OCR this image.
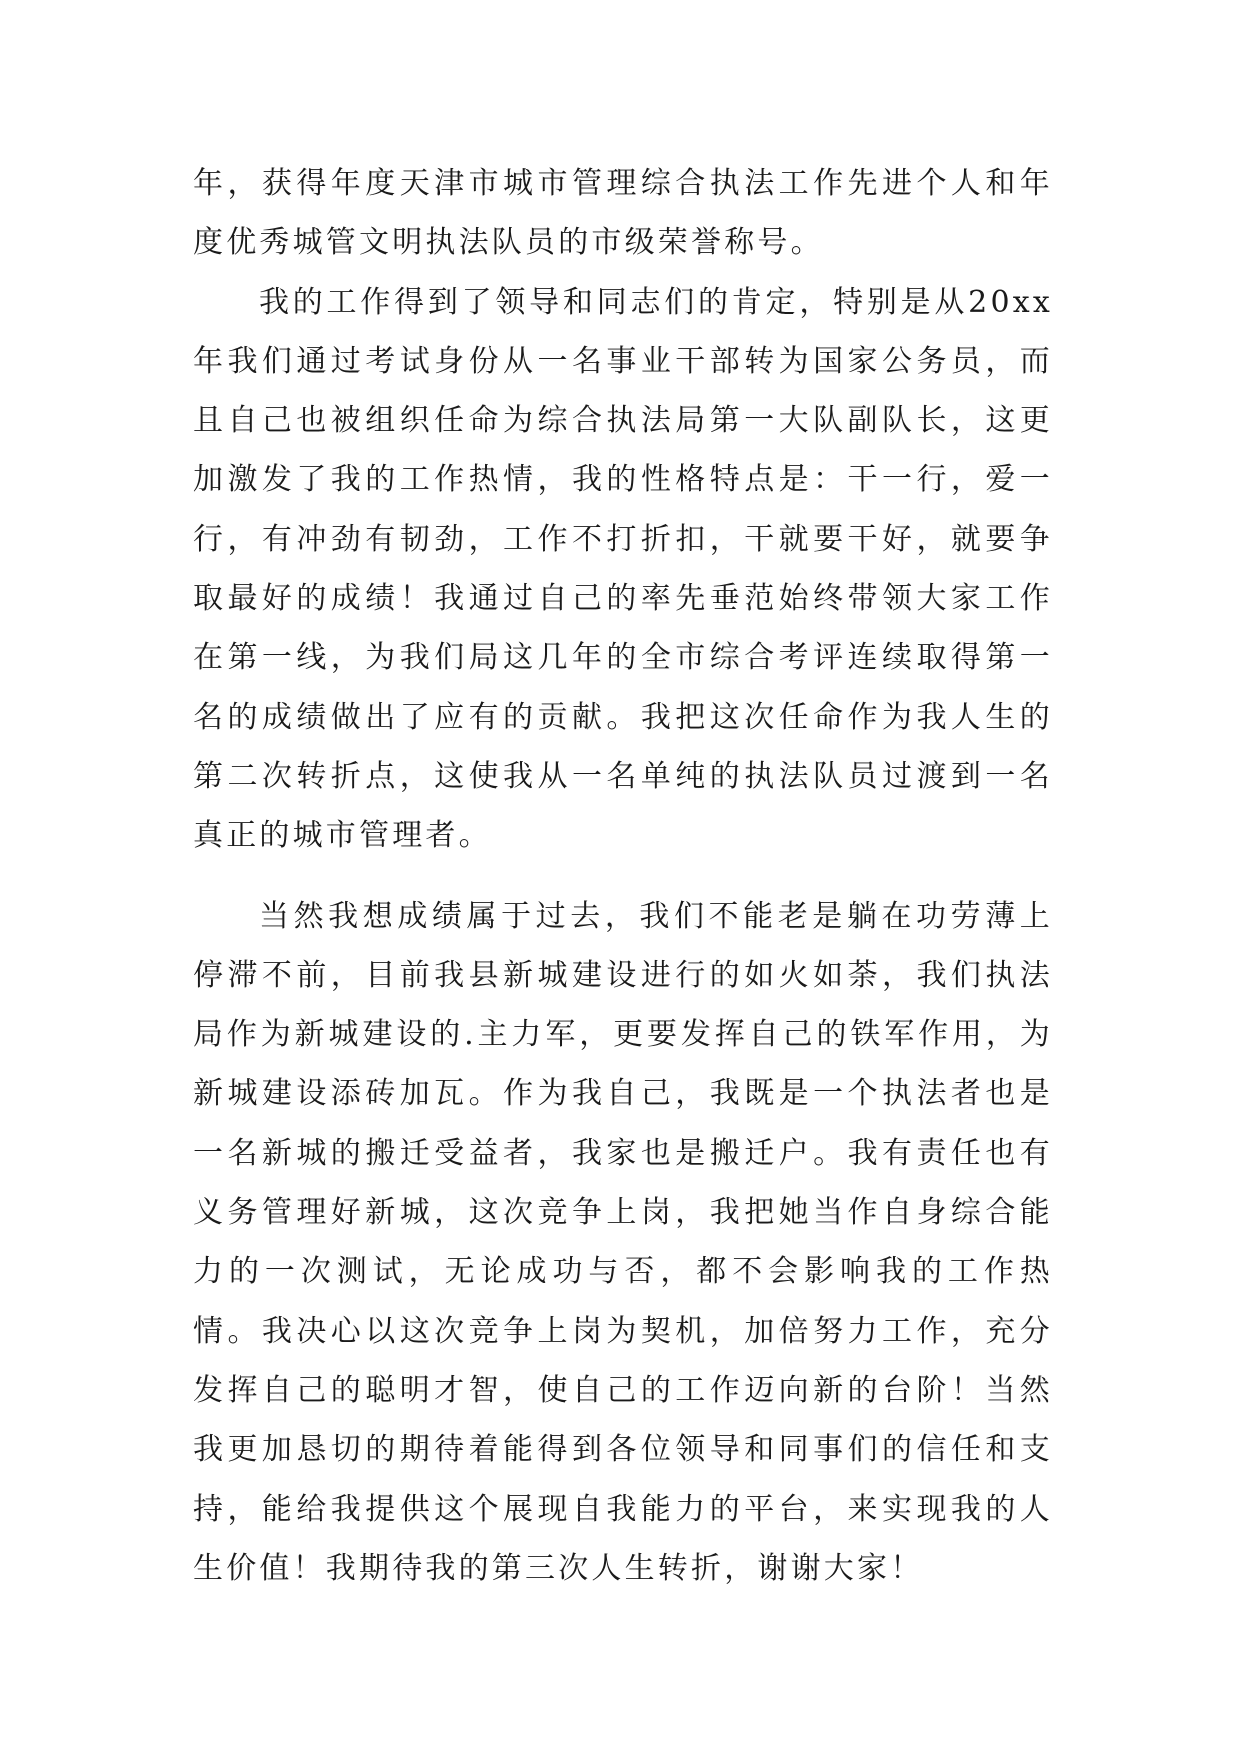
年，获得年度天津市城市管理综合执法工作先进个人和年度优秀城管文明执法队员的市级荣誉称号。

我的工作得到了领导和同志们的肯定，特别是从20xx年我们通过考试身份从一名事业干部转为国家公务员，而且自己也被组织任命为综合执法局第一大队副队长，这更加激发了我的工作热情，我的性格特点是：干一行，爱一行，有冲劲有韧劲，工作不打折扣，干就要干好，就要争取最好的成绩！我通过自己的率先垂范始终带领大家工作在第一线，为我们局这几年的全市综合考评连续取得第一名的成绩做出了应有的贡献。我把这次任命作为我人生的第二次转折点，这使我从一名单纯的执法队员过渡到一名真正的城市管理者。

当然我想成绩属于过去，我们不能老是躺在功劳薄上停滞不前，目前我县新城建设进行的如火如荼，我们执法局作为新城建设的.主力军，更要发挥自己的铁军作用，为新城建设添砖加瓦。作为我自己，我既是一个执法者也是一名新城的搬迁受益者，我家也是搬迁户。我有责任也有义务管理好新城，这次竞争上岗，我把她当作自身综合能力的一次测试，无论成功与否，都不会影响我的工作热情。我决心以这次竞争上岗为契机，加倍努力工作，充分发挥自己的聪明才智，使自己的工作迈向新的台阶！当然我更加恳切的期待着能得到各位领导和同事们的信任和支持，能给我提供这个展现自我能力的平台，来实现我的人生价值！我期待我的第三次人生转折，谢谢大家！
